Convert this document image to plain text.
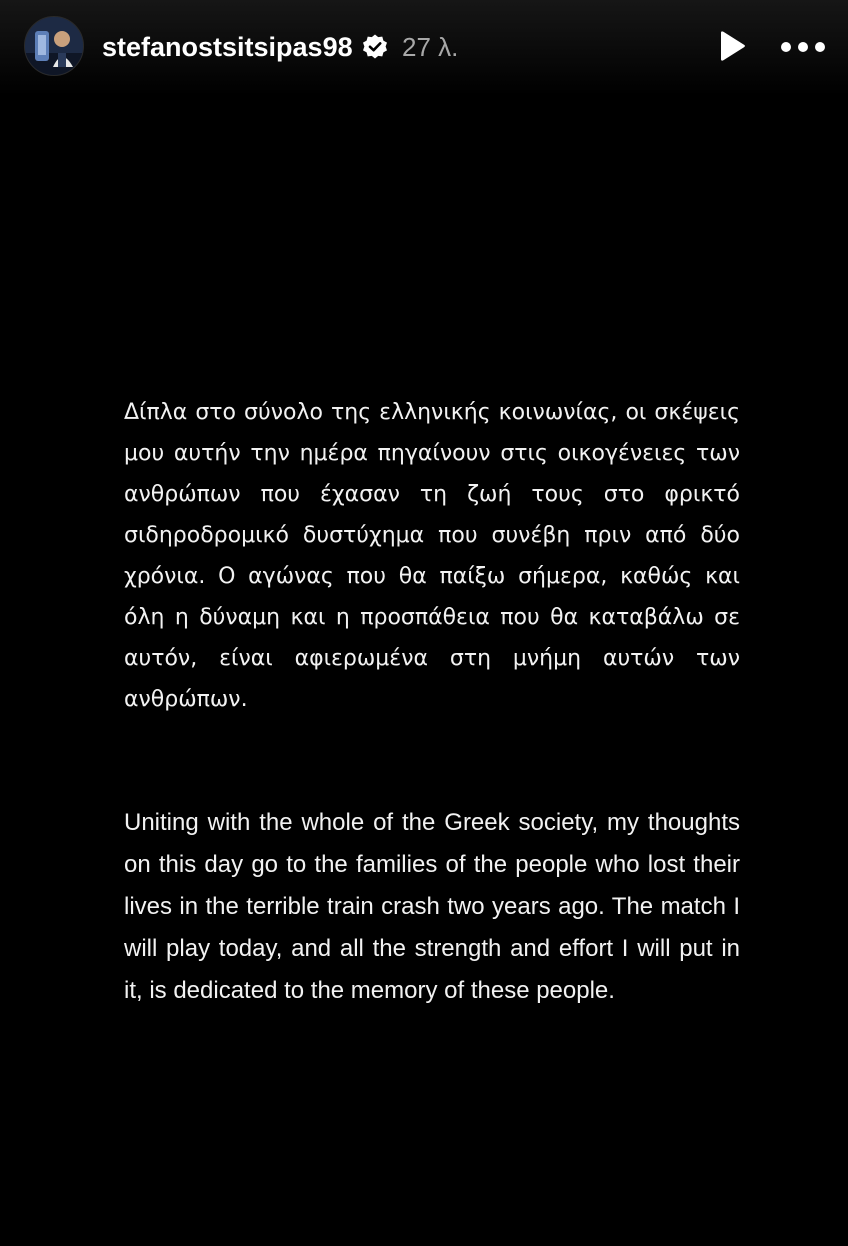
stefanostsitsipas98 27 λ.

Δίπλα στο σύνολο της ελληνικής κοινωνίας, οι σκέψεις μου αυτήν την ημέρα πηγαίνουν στις οικογένειες των ανθρώπων που έχασαν τη ζωή τους στο φρικτό σιδηροδρομικό δυστύχημα που συνέβη πριν από δύο χρόνια. Ο αγώνας που θα παίξω σήμερα, καθώς και όλη η δύναμη και η προσπάθεια που θα καταβάλω σε αυτόν, είναι αφιερωμένα στη μνήμη αυτών των ανθρώπων.

Uniting with the whole of the Greek society, my thoughts on this day go to the families of the people who lost their lives in the terrible train crash two years ago. The match I will play today, and all the strength and effort I will put in it, is dedicated to the memory of these people.
